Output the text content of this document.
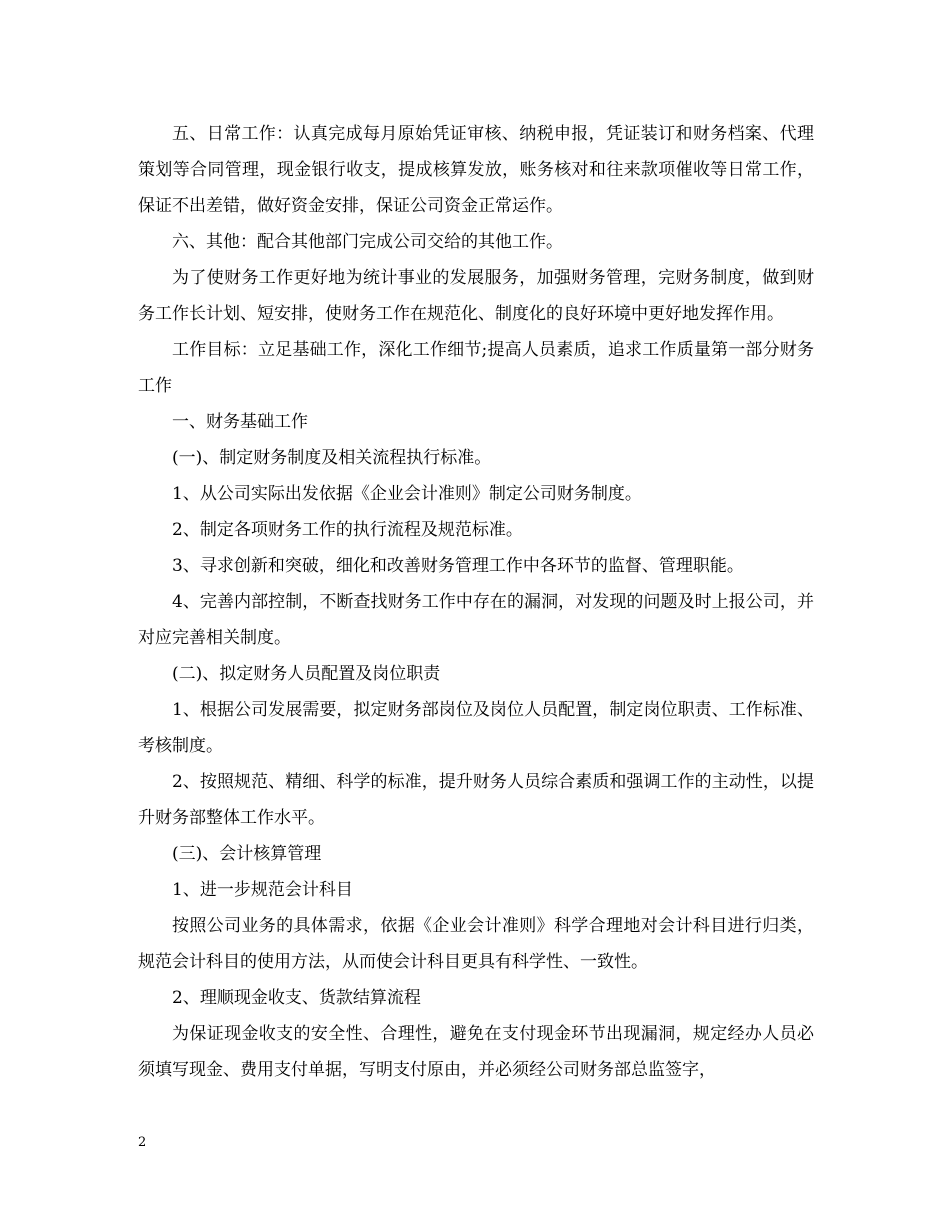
五、日常工作：认真完成每月原始凭证审核、纳税申报，凭证装订和财务档案、代理策划等合同管理，现金银行收支，提成核算发放，账务核对和往来款项催收等日常工作，保证不出差错，做好资金安排，保证公司资金正常运作。

六、其他：配合其他部门完成公司交给的其他工作。

为了使财务工作更好地为统计事业的发展服务，加强财务管理，完财务制度，做到财务工作长计划、短安排，使财务工作在规范化、制度化的良好环境中更好地发挥作用。

工作目标：立足基础工作，深化工作细节;提高人员素质，追求工作质量第一部分财务工作

一、财务基础工作

(一)、制定财务制度及相关流程执行标准。

1、从公司实际出发依据《企业会计准则》制定公司财务制度。

2、制定各项财务工作的执行流程及规范标准。

3、寻求创新和突破，细化和改善财务管理工作中各环节的监督、管理职能。

4、完善内部控制，不断查找财务工作中存在的漏洞，对发现的问题及时上报公司，并对应完善相关制度。

(二)、拟定财务人员配置及岗位职责

1、根据公司发展需要，拟定财务部岗位及岗位人员配置，制定岗位职责、工作标准、考核制度。

2、按照规范、精细、科学的标准，提升财务人员综合素质和强调工作的主动性，以提升财务部整体工作水平。

(三)、会计核算管理

1、进一步规范会计科目

按照公司业务的具体需求，依据《企业会计准则》科学合理地对会计科目进行归类，规范会计科目的使用方法，从而使会计科目更具有科学性、一致性。

2、理顺现金收支、货款结算流程

为保证现金收支的安全性、合理性，避免在支付现金环节出现漏洞，规定经办人员必须填写现金、费用支付单据，写明支付原由，并必须经公司财务部总监签字，

2
